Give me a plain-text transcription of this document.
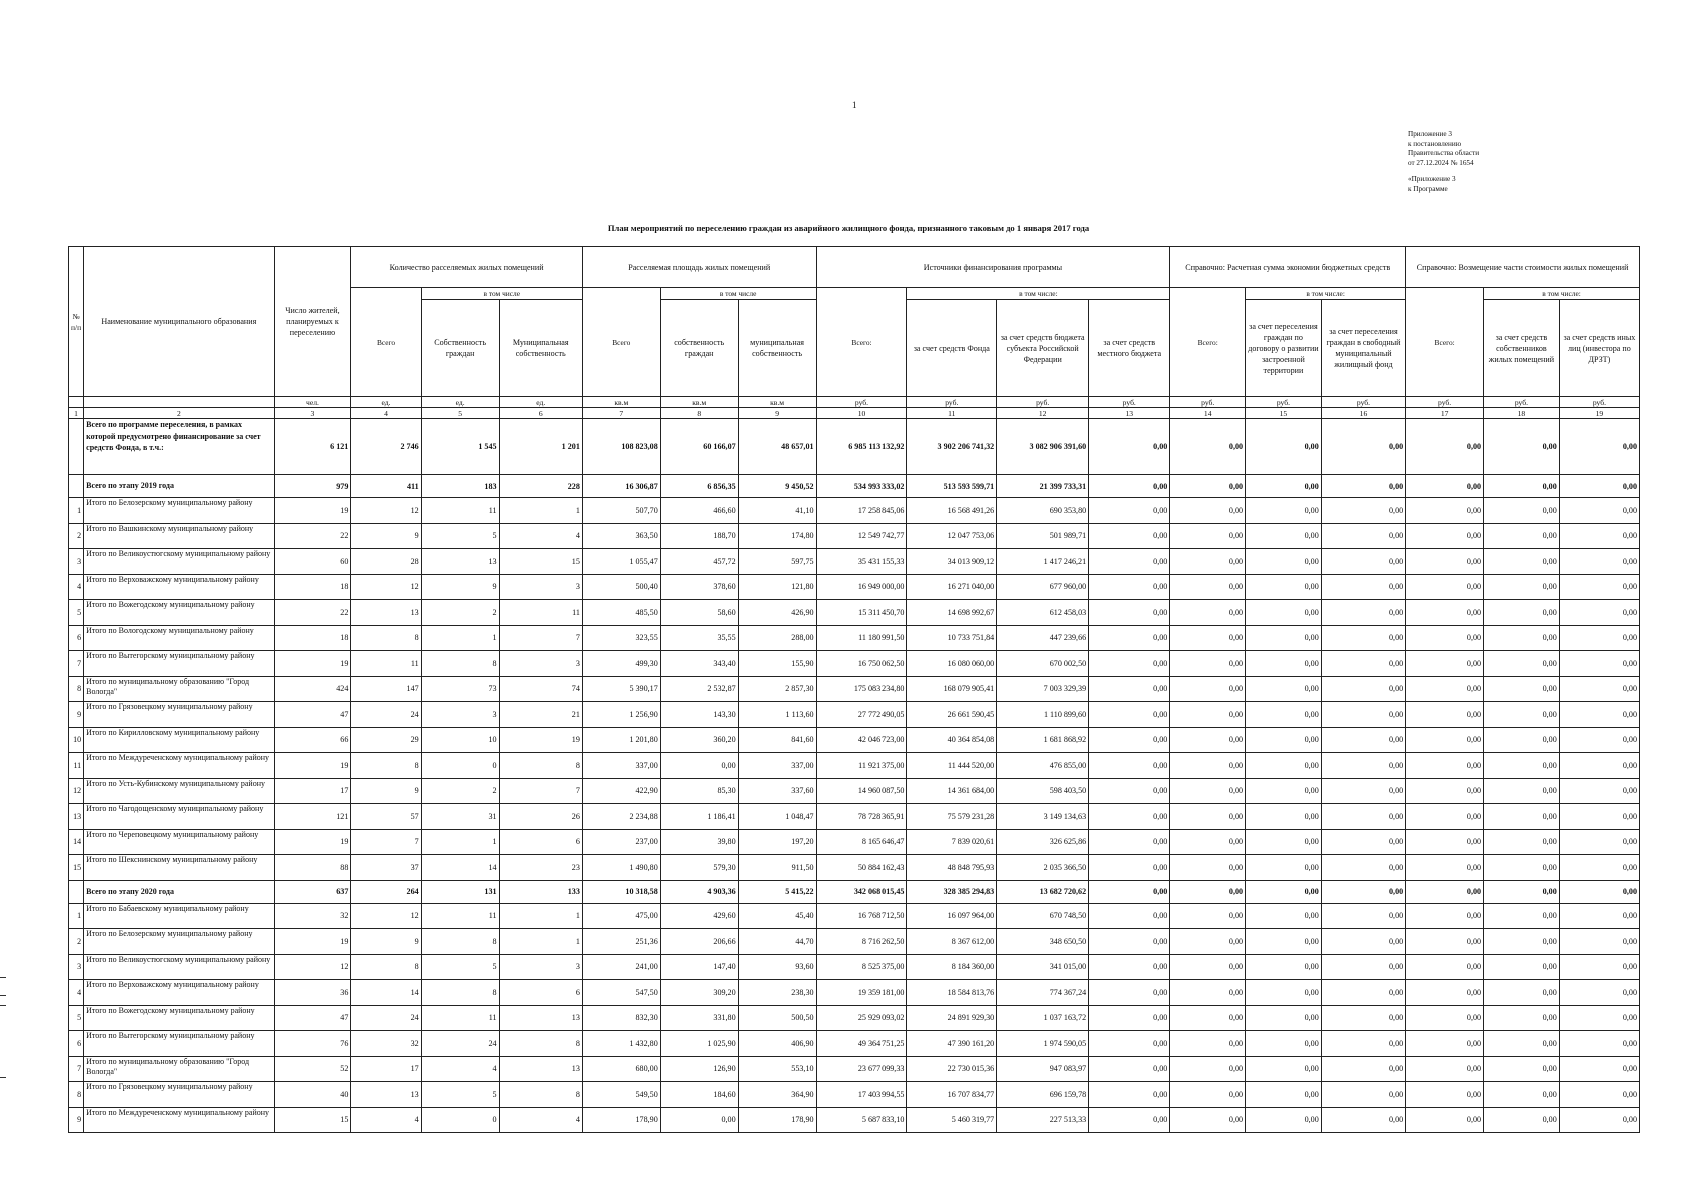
1
Приложение 3
к постановлению
Правительства области
от 27.12.2024 № 1654
«Приложение 3
к Программе
План мероприятий по переселению граждан из аварийного жилищного фонда, признанного таковым до 1 января 2017 года
№ п/п	Наименование муниципального образования	Число жителей, планируемых к переселению	Количество расселяемых жилых помещений			Расселяемая площадь жилых помещений			Источники финансирования программы				Справочно: Расчетная сумма экономии бюджетных средств			Справочно: Возмещение части стоимости жилых помещений		
			Всего	в том числе		Всего	в том числе		Всего:	в том числе:			Всего:	в том числе:		Всего:	в том числе:	
				Собственность граждан	Муниципальная собственность		собственность граждан	муниципальная собственность		за счет средств Фонда	за счет средств бюджета субъекта Российской Федерации	за счет средств местного бюджета		за счет переселения граждан по договору о развитии застроенной территории	за счет переселения граждан в свободный муниципальный жилищный фонд		за счет средств собственников жилых помещений	за счет средств иных лиц (инвестора по ДРЗТ)
		чел.	ед.	ед.	ед.	кв.м	кв.м	кв.м	руб.	руб.	руб.	руб.	руб.	руб.	руб.	руб.	руб.	руб.
1	2	3	4	5	6	7	8	9	10	11	12	13	14	15	16	17	18	19
	Всего по программе переселения, в рамках которой предусмотрено финансирование за счет средств Фонда, в т.ч.:	6 121	2 746	1 545	1 201	108 823,08	60 166,07	48 657,01	6 985 113 132,92	3 902 206 741,32	3 082 906 391,60	0,00	0,00	0,00	0,00	0,00	0,00	0,00
	Всего по этапу 2019 года	979	411	183	228	16 306,87	6 856,35	9 450,52	534 993 333,02	513 593 599,71	21 399 733,31	0,00	0,00	0,00	0,00	0,00	0,00	0,00
1	Итого по Белозерскому муниципальному району	19	12	11	1	507,70	466,60	41,10	17 258 845,06	16 568 491,26	690 353,80	0,00	0,00	0,00	0,00	0,00	0,00	0,00
2	Итого по Вашкинскому муниципальному району	22	9	5	4	363,50	188,70	174,80	12 549 742,77	12 047 753,06	501 989,71	0,00	0,00	0,00	0,00	0,00	0,00	0,00
3	Итого по Великоустюгскому муниципальному району	60	28	13	15	1 055,47	457,72	597,75	35 431 155,33	34 013 909,12	1 417 246,21	0,00	0,00	0,00	0,00	0,00	0,00	0,00
4	Итого по Верховажскому муниципальному району	18	12	9	3	500,40	378,60	121,80	16 949 000,00	16 271 040,00	677 960,00	0,00	0,00	0,00	0,00	0,00	0,00	0,00
5	Итого по Вожегодскому муниципальному району	22	13	2	11	485,50	58,60	426,90	15 311 450,70	14 698 992,67	612 458,03	0,00	0,00	0,00	0,00	0,00	0,00	0,00
6	Итого по Вологодскому муниципальному району	18	8	1	7	323,55	35,55	288,00	11 180 991,50	10 733 751,84	447 239,66	0,00	0,00	0,00	0,00	0,00	0,00	0,00
7	Итого по Вытегорскому муниципальному району	19	11	8	3	499,30	343,40	155,90	16 750 062,50	16 080 060,00	670 002,50	0,00	0,00	0,00	0,00	0,00	0,00	0,00
8	Итого по муниципальному образованию "Город Вологда"	424	147	73	74	5 390,17	2 532,87	2 857,30	175 083 234,80	168 079 905,41	7 003 329,39	0,00	0,00	0,00	0,00	0,00	0,00	0,00
9	Итого по Грязовецкому муниципальному району	47	24	3	21	1 256,90	143,30	1 113,60	27 772 490,05	26 661 590,45	1 110 899,60	0,00	0,00	0,00	0,00	0,00	0,00	0,00
10	Итого по Кирилловскому муниципальному району	66	29	10	19	1 201,80	360,20	841,60	42 046 723,00	40 364 854,08	1 681 868,92	0,00	0,00	0,00	0,00	0,00	0,00	0,00
11	Итого по Междуреченскому муниципальному району	19	8	0	8	337,00	0,00	337,00	11 921 375,00	11 444 520,00	476 855,00	0,00	0,00	0,00	0,00	0,00	0,00	0,00
12	Итого по Усть-Кубинскому муниципальному району	17	9	2	7	422,90	85,30	337,60	14 960 087,50	14 361 684,00	598 403,50	0,00	0,00	0,00	0,00	0,00	0,00	0,00
13	Итого по Чагодощенскому муниципальному району	121	57	31	26	2 234,88	1 186,41	1 048,47	78 728 365,91	75 579 231,28	3 149 134,63	0,00	0,00	0,00	0,00	0,00	0,00	0,00
14	Итого по Череповецкому муниципальному району	19	7	1	6	237,00	39,80	197,20	8 165 646,47	7 839 020,61	326 625,86	0,00	0,00	0,00	0,00	0,00	0,00	0,00
15	Итого по Шекснинскому муниципальному району	88	37	14	23	1 490,80	579,30	911,50	50 884 162,43	48 848 795,93	2 035 366,50	0,00	0,00	0,00	0,00	0,00	0,00	0,00
	Всего по этапу 2020 года	637	264	131	133	10 318,58	4 903,36	5 415,22	342 068 015,45	328 385 294,83	13 682 720,62	0,00	0,00	0,00	0,00	0,00	0,00	0,00
1	Итого по Бабаевскому муниципальному району	32	12	11	1	475,00	429,60	45,40	16 768 712,50	16 097 964,00	670 748,50	0,00	0,00	0,00	0,00	0,00	0,00	0,00
2	Итого по Белозерскому муниципальному району	19	9	8	1	251,36	206,66	44,70	8 716 262,50	8 367 612,00	348 650,50	0,00	0,00	0,00	0,00	0,00	0,00	0,00
3	Итого по Великоустюгскому муниципальному району	12	8	5	3	241,00	147,40	93,60	8 525 375,00	8 184 360,00	341 015,00	0,00	0,00	0,00	0,00	0,00	0,00	0,00
4	Итого по Верховажскому муниципальному району	36	14	8	6	547,50	309,20	238,30	19 359 181,00	18 584 813,76	774 367,24	0,00	0,00	0,00	0,00	0,00	0,00	0,00
5	Итого по Вожегодскому муниципальному району	47	24	11	13	832,30	331,80	500,50	25 929 093,02	24 891 929,30	1 037 163,72	0,00	0,00	0,00	0,00	0,00	0,00	0,00
6	Итого по Вытегорскому муниципальному району	76	32	24	8	1 432,80	1 025,90	406,90	49 364 751,25	47 390 161,20	1 974 590,05	0,00	0,00	0,00	0,00	0,00	0,00	0,00
7	Итого по муниципальному образованию "Город Вологда"	52	17	4	13	680,00	126,90	553,10	23 677 099,33	22 730 015,36	947 083,97	0,00	0,00	0,00	0,00	0,00	0,00	0,00
8	Итого по Грязовецкому муниципальному району	40	13	5	8	549,50	184,60	364,90	17 403 994,55	16 707 834,77	696 159,78	0,00	0,00	0,00	0,00	0,00	0,00	0,00
9	Итого по Междуреченскому муниципальному району	15	4	0	4	178,90	0,00	178,90	5 687 833,10	5 460 319,77	227 513,33	0,00	0,00	0,00	0,00	0,00	0,00	0,00
